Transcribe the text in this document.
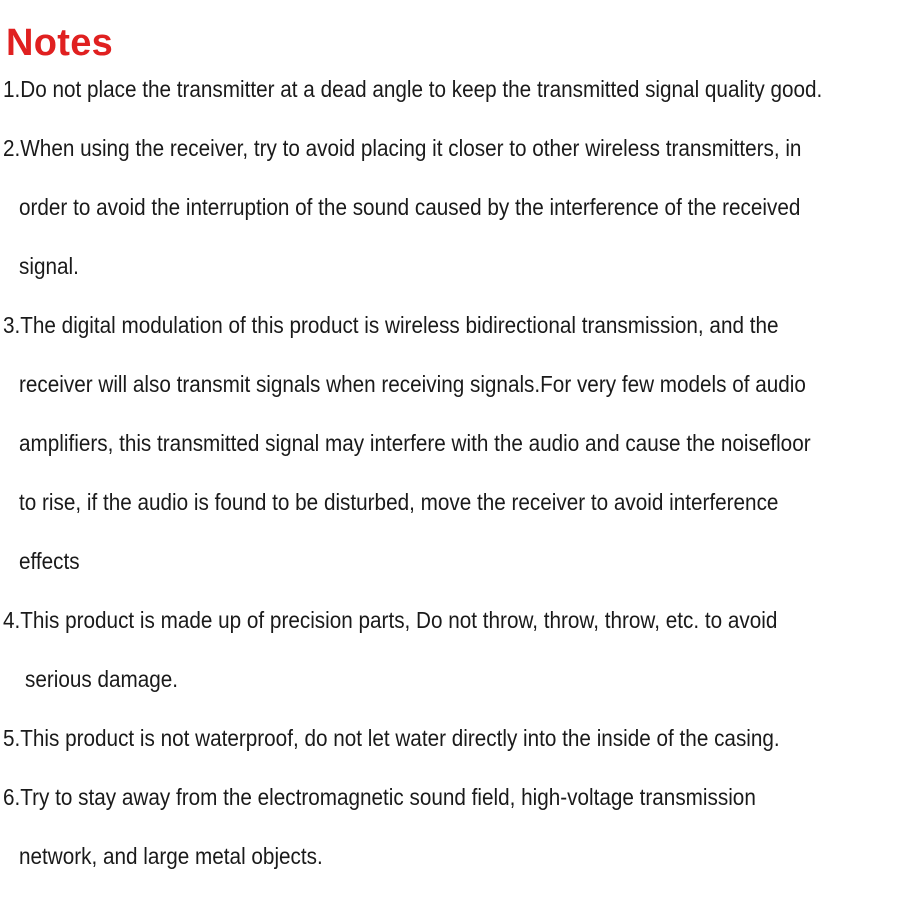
Notes
1.Do not place the transmitter at a dead angle to keep the transmitted signal quality good.
2.When using the receiver, try to avoid placing it closer to other wireless transmitters, in
order to avoid the interruption of the sound caused by the interference of the received
signal.
3.The digital modulation of this product is wireless bidirectional transmission, and the
receiver will also transmit signals when receiving signals.For very few models of audio
amplifiers, this transmitted signal may interfere with the audio and cause the noisefloor
to rise, if the audio is found to be disturbed, move the receiver to avoid interference
effects
4.This product is made up of precision parts, Do not throw, throw, throw, etc. to avoid
serious damage.
5.This product is not waterproof, do not let water directly into the inside of the casing.
6.Try to stay away from the electromagnetic sound field, high-voltage transmission
network, and large metal objects.
